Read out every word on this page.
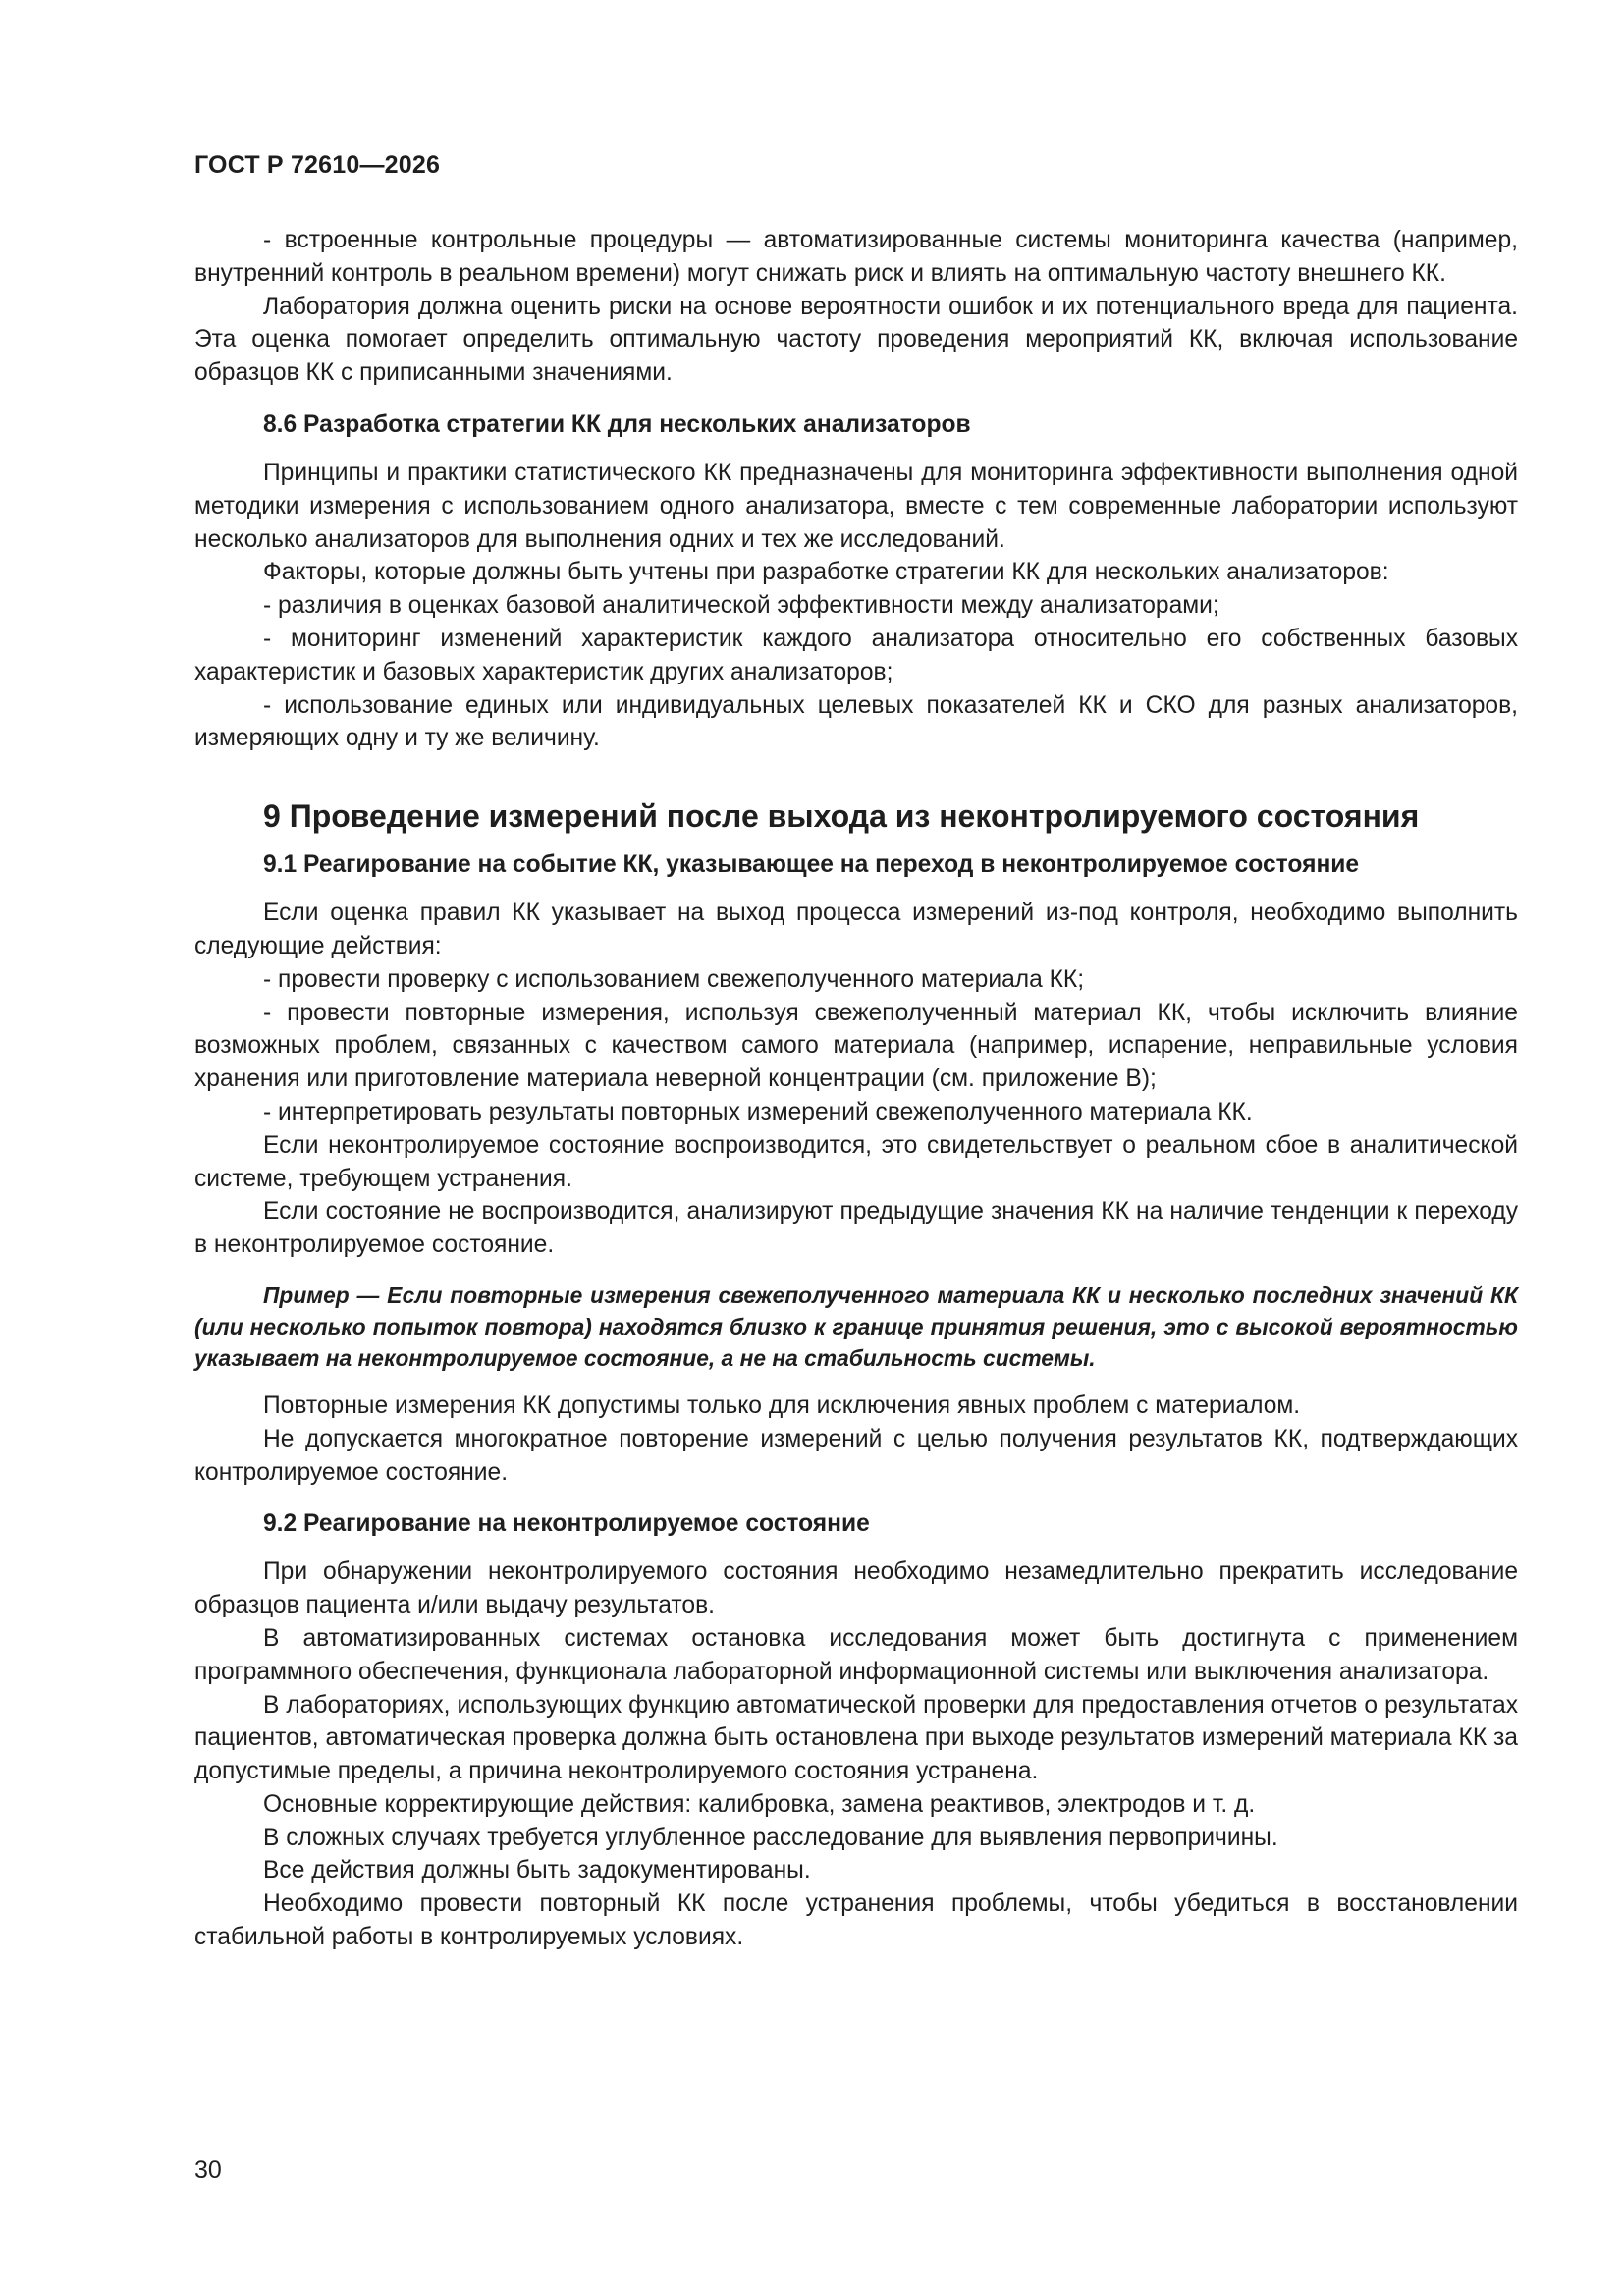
ГОСТ Р 72610—2026

- встроенные контрольные процедуры — автоматизированные системы мониторинга качества (например, внутренний контроль в реальном времени) могут снижать риск и влиять на оптимальную частоту внешнего КК.

Лаборатория должна оценить риски на основе вероятности ошибок и их потенциального вреда для пациента. Эта оценка помогает определить оптимальную частоту проведения мероприятий КК, включая использование образцов КК с приписанными значениями.

8.6 Разработка стратегии КК для нескольких анализаторов

Принципы и практики статистического КК предназначены для мониторинга эффективности выполнения одной методики измерения с использованием одного анализатора, вместе с тем современные лаборатории используют несколько анализаторов для выполнения одних и тех же исследований.

Факторы, которые должны быть учтены при разработке стратегии КК для нескольких анализаторов:

- различия в оценках базовой аналитической эффективности между анализаторами;

- мониторинг изменений характеристик каждого анализатора относительно его собственных базовых характеристик и базовых характеристик других анализаторов;

- использование единых или индивидуальных целевых показателей КК и СКО для разных анализаторов, измеряющих одну и ту же величину.

9 Проведение измерений после выхода из неконтролируемого состояния
9.1 Реагирование на событие КК, указывающее на переход в неконтролируемое состояние

Если оценка правил КК указывает на выход процесса измерений из-под контроля, необходимо выполнить следующие действия:

- провести проверку с использованием свежеполученного материала КК;

- провести повторные измерения, используя свежеполученный материал КК, чтобы исключить влияние возможных проблем, связанных с качеством самого материала (например, испарение, неправильные условия хранения или приготовление материала неверной концентрации (см. приложение В);

- интерпретировать результаты повторных измерений свежеполученного материала КК.

Если неконтролируемое состояние воспроизводится, это свидетельствует о реальном сбое в аналитической системе, требующем устранения.

Если состояние не воспроизводится, анализируют предыдущие значения КК на наличие тенденции к переходу в неконтролируемое состояние.

Пример — Если повторные измерения свежеполученного материала КК и несколько последних значений КК (или несколько попыток повтора) находятся близко к границе принятия решения, это с высокой вероятностью указывает на неконтролируемое состояние, а не на стабильность системы.

Повторные измерения КК допустимы только для исключения явных проблем с материалом.

Не допускается многократное повторение измерений с целью получения результатов КК, подтверждающих контролируемое состояние.

9.2 Реагирование на неконтролируемое состояние

При обнаружении неконтролируемого состояния необходимо незамедлительно прекратить исследование образцов пациента и/или выдачу результатов.

В автоматизированных системах остановка исследования может быть достигнута с применением программного обеспечения, функционала лабораторной информационной системы или выключения анализатора.

В лабораториях, использующих функцию автоматической проверки для предоставления отчетов о результатах пациентов, автоматическая проверка должна быть остановлена при выходе результатов измерений материала КК за допустимые пределы, а причина неконтролируемого состояния устранена.

Основные корректирующие действия: калибровка, замена реактивов, электродов и т. д.

В сложных случаях требуется углубленное расследование для выявления первопричины.

Все действия должны быть задокументированы.

Необходимо провести повторный КК после устранения проблемы, чтобы убедиться в восстановлении стабильной работы в контролируемых условиях.

30
